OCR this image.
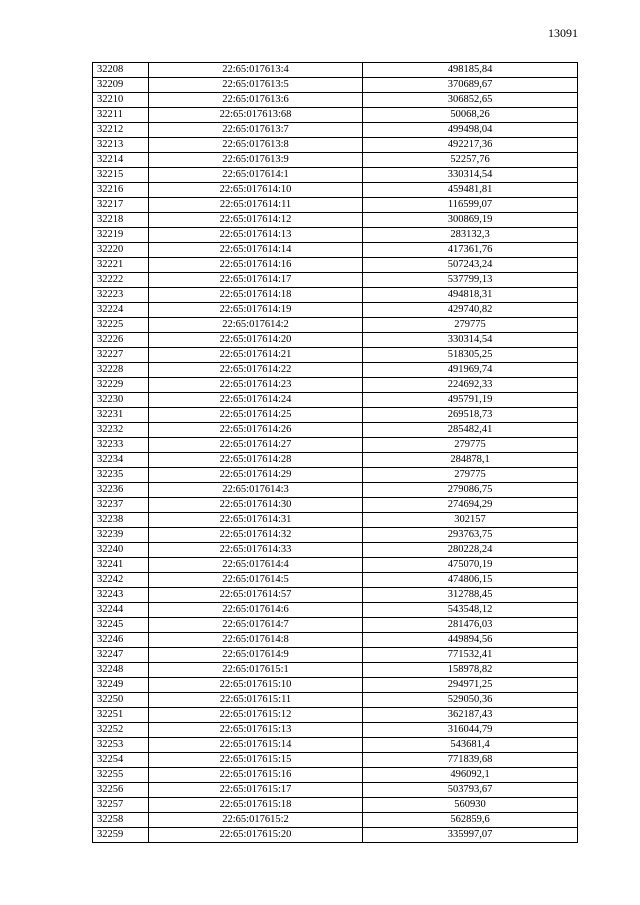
13091
32208	22:65:017613:4	498185,84
32209	22:65:017613:5	370689,67
32210	22:65:017613:6	306852,65
32211	22:65:017613:68	50068,26
32212	22:65:017613:7	499498,04
32213	22:65:017613:8	492217,36
32214	22:65:017613:9	52257,76
32215	22:65:017614:1	330314,54
32216	22:65:017614:10	459481,81
32217	22:65:017614:11	116599,07
32218	22:65:017614:12	300869,19
32219	22:65:017614:13	283132,3
32220	22:65:017614:14	417361,76
32221	22:65:017614:16	507243,24
32222	22:65:017614:17	537799,13
32223	22:65:017614:18	494818,31
32224	22:65:017614:19	429740,82
32225	22:65:017614:2	279775
32226	22:65:017614:20	330314,54
32227	22:65:017614:21	518305,25
32228	22:65:017614:22	491969,74
32229	22:65:017614:23	224692,33
32230	22:65:017614:24	495791,19
32231	22:65:017614:25	269518,73
32232	22:65:017614:26	285482,41
32233	22:65:017614:27	279775
32234	22:65:017614:28	284878,1
32235	22:65:017614:29	279775
32236	22:65:017614:3	279086,75
32237	22:65:017614:30	274694,29
32238	22:65:017614:31	302157
32239	22:65:017614:32	293763,75
32240	22:65:017614:33	280228,24
32241	22:65:017614:4	475070,19
32242	22:65:017614:5	474806,15
32243	22:65:017614:57	312788,45
32244	22:65:017614:6	543548,12
32245	22:65:017614:7	281476,03
32246	22:65:017614:8	449894,56
32247	22:65:017614:9	771532,41
32248	22:65:017615:1	158978,82
32249	22:65:017615:10	294971,25
32250	22:65:017615:11	529050,36
32251	22:65:017615:12	362187,43
32252	22:65:017615:13	316044,79
32253	22:65:017615:14	543681,4
32254	22:65:017615:15	771839,68
32255	22:65:017615:16	496092,1
32256	22:65:017615:17	503793,67
32257	22:65:017615:18	560930
32258	22:65:017615:2	562859,6
32259	22:65:017615:20	335997,07
